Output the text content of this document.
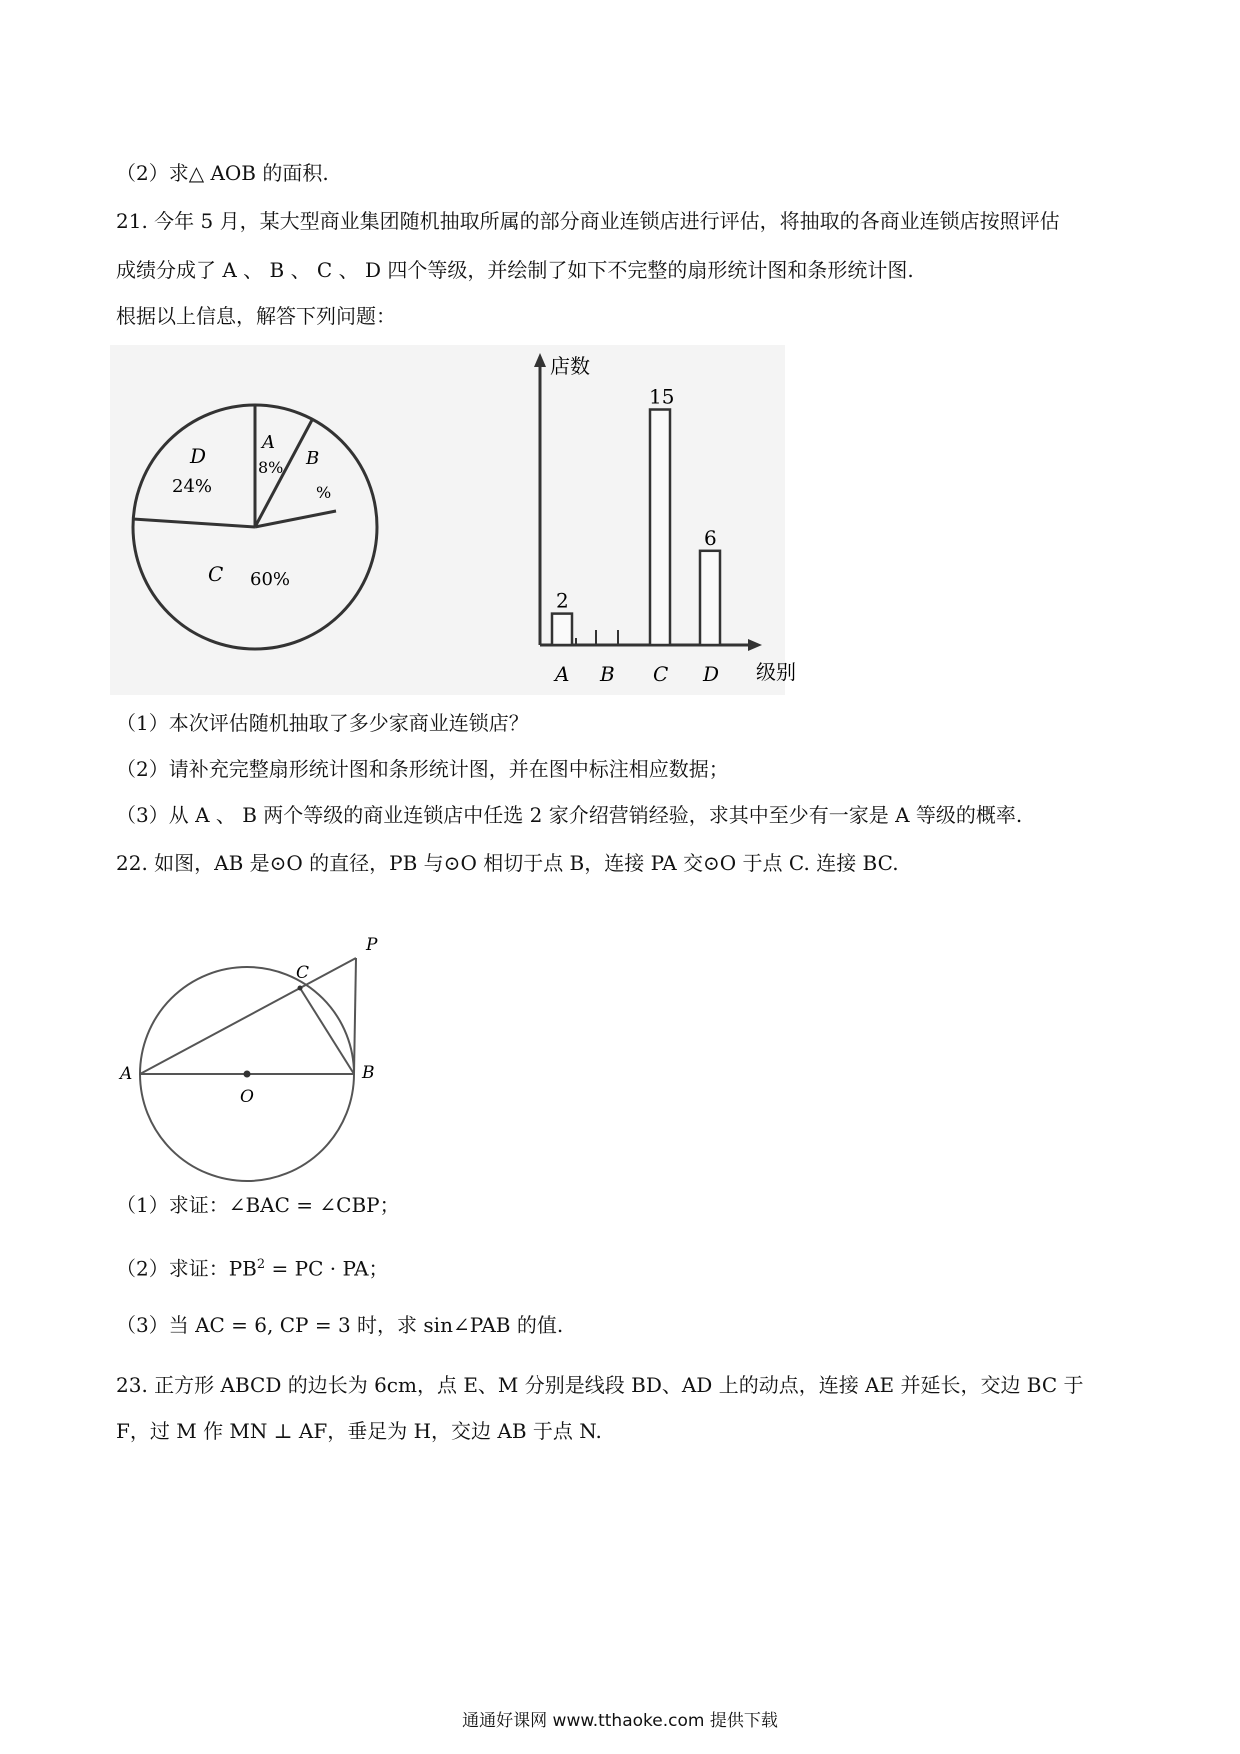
（2）求△ AOB 的面积.
21. 今年 5 月，某大型商业集团随机抽取所属的部分商业连锁店进行评估，将抽取的各商业连锁店按照评估
成绩分成了 A 、 B 、 C 、 D 四个等级，并绘制了如下不完整的扇形统计图和条形统计图.
根据以上信息，解答下列问题：
A
8% B
%
D
24%
C 60%
店数
级别
A
2
B C
15
D
6
（1）本次评估随机抽取了多少家商业连锁店？
（2）请补充完整扇形统计图和条形统计图，并在图中标注相应数据；
（3）从 A 、 B 两个等级的商业连锁店中任选 2 家介绍营销经验，求其中至少有一家是 A 等级的概率.
22. 如图，AB 是⊙O 的直径，PB 与⊙O 相切于点 B，连接 PA 交⊙O 于点 C. 连接 BC.
A	B
C
P
O
（1）求证：∠BAC = ∠CBP；
（2）求证：$PB^2$ = PC · PA；
（3）当 AC = 6, CP = 3 时，求 sin∠PAB 的值.
23. 正方形 ABCD 的边长为 6cm，点 E、M 分别是线段 BD、AD 上的动点，连接 AE 并延长，交边 BC 于
F，过 M 作 MN ⊥ AF，垂足为 H，交边 AB 于点 N.
通通好课网 www.tthaoke.com 提供下载
